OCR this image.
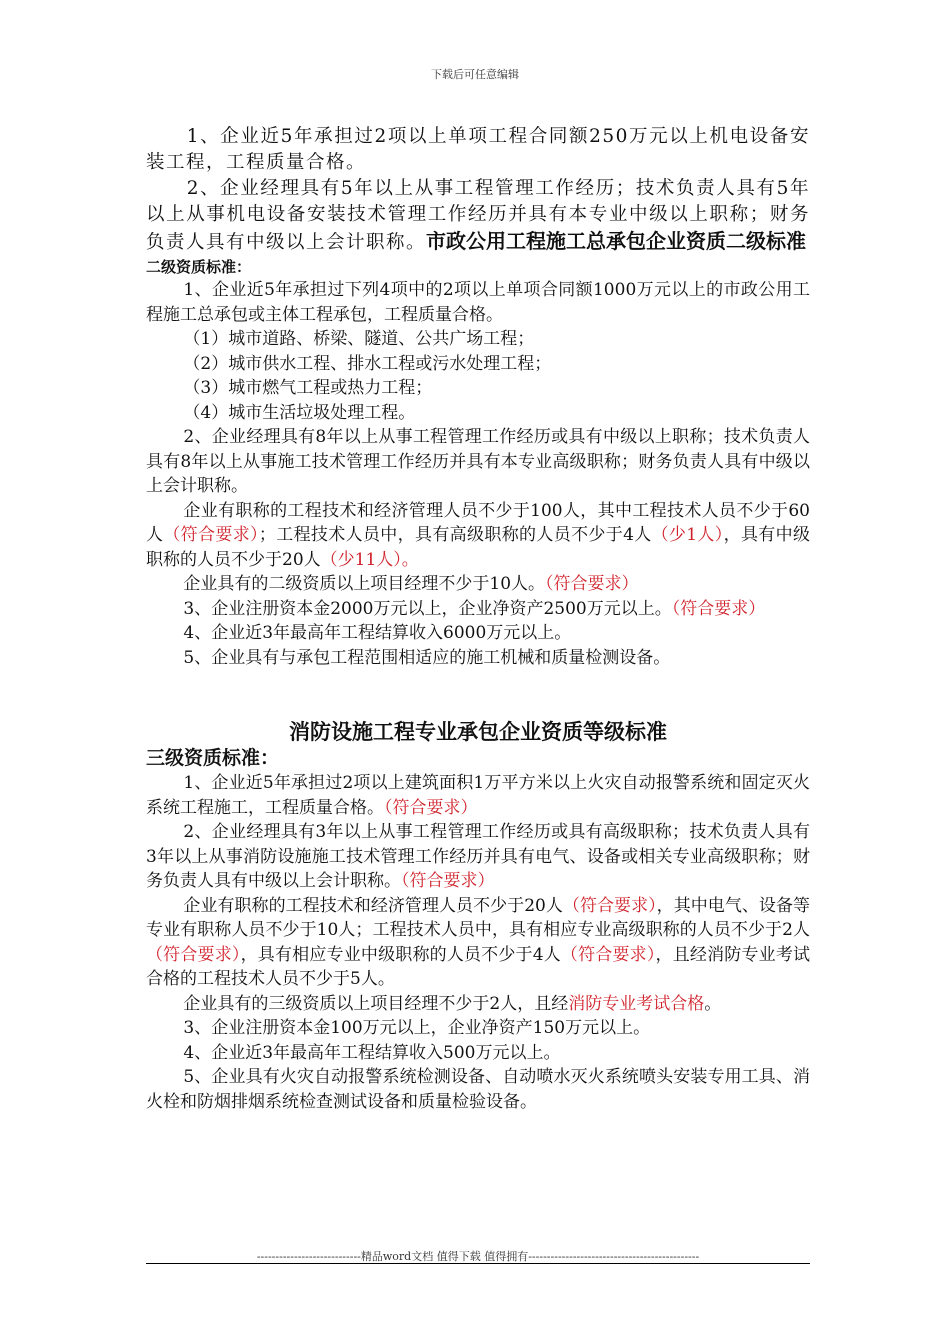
下载后可任意编辑

1、企业近5年承担过2项以上单项工程合同额250万元以上机电设备安装工程，工程质量合格。

2、企业经理具有5年以上从事工程管理工作经历；技术负责人具有5年以上从事机电设备安装技术管理工作经历并具有本专业中级以上职称；财务负责人具有中级以上会计职称。市政公用工程施工总承包企业资质二级标准

二级资质标准：

1、企业近5年承担过下列4项中的2项以上单项合同额1000万元以上的市政公用工程施工总承包或主体工程承包，工程质量合格。

（1）城市道路、桥梁、隧道、公共广场工程；

（2）城市供水工程、排水工程或污水处理工程；

（3）城市燃气工程或热力工程；

（4）城市生活垃圾处理工程。

2、企业经理具有8年以上从事工程管理工作经历或具有中级以上职称；技术负责人具有8年以上从事施工技术管理工作经历并具有本专业高级职称；财务负责人具有中级以上会计职称。

企业有职称的工程技术和经济管理人员不少于100人，其中工程技术人员不少于60人（符合要求）；工程技术人员中，具有高级职称的人员不少于4人（少1人），具有中级职称的人员不少于20人（少11人）。

企业具有的二级资质以上项目经理不少于10人。（符合要求）

3、企业注册资本金2000万元以上，企业净资产2500万元以上。（符合要求）

4、企业近3年最高年工程结算收入6000万元以上。

5、企业具有与承包工程范围相适应的施工机械和质量检测设备。

消防设施工程专业承包企业资质等级标准

三级资质标准：

1、企业近5年承担过2项以上建筑面积1万平方米以上火灾自动报警系统和固定灭火系统工程施工，工程质量合格。（符合要求）

2、企业经理具有3年以上从事工程管理工作经历或具有高级职称；技术负责人具有3年以上从事消防设施施工技术管理工作经历并具有电气、设备或相关专业高级职称；财务负责人具有中级以上会计职称。（符合要求）

企业有职称的工程技术和经济管理人员不少于20人（符合要求），其中电气、设备等专业有职称人员不少于10人；工程技术人员中，具有相应专业高级职称的人员不少于2人（符合要求），具有相应专业中级职称的人员不少于4人（符合要求），且经消防专业考试合格的工程技术人员不少于5人。

企业具有的三级资质以上项目经理不少于2人，且经消防专业考试合格。

3、企业注册资本金100万元以上，企业净资产150万元以上。

4、企业近3年最高年工程结算收入500万元以上。

5、企业具有火灾自动报警系统检测设备、自动喷水灭火系统喷头安装专用工具、消火栓和防烟排烟系统检查测试设备和质量检验设备。

----------------------------精品word文档 值得下载 值得拥有----------------------------------------------
